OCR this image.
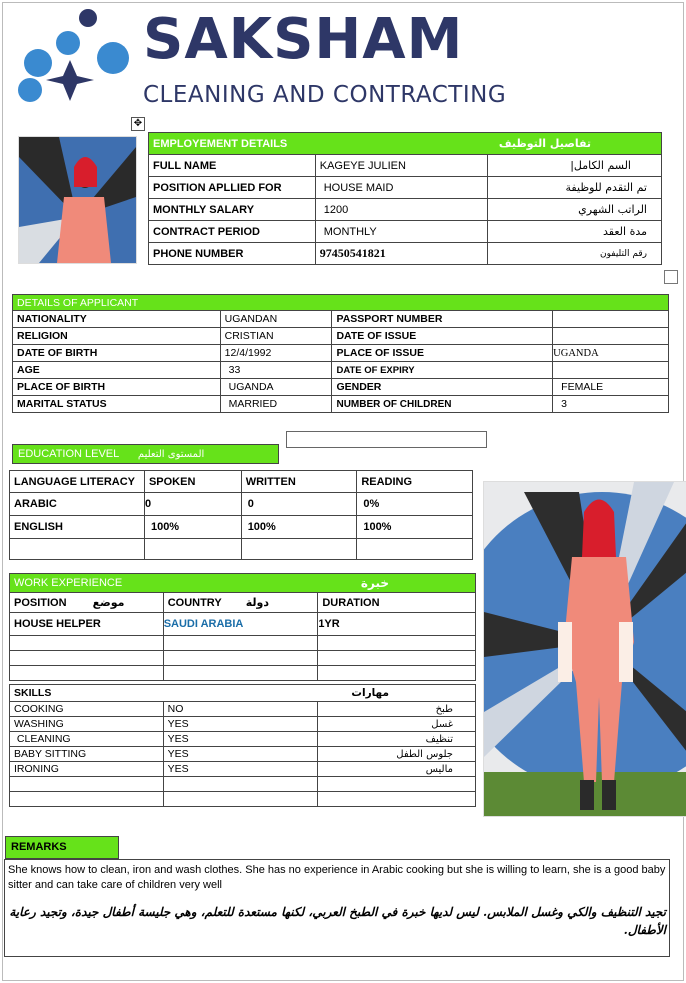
SAKSHAM
CLEANING AND CONTRACTING
✥
EMPLOYEMENT DETAILS		تفاصيل التوظيف
FULL NAME	KAGEYE JULIEN	السم الكامل|
POSITION APLLIED FOR	HOUSE MAID	تم التقدم للوظيفة
MONTHLY SALARY	1200	الراتب الشهري
CONTRACT PERIOD	MONTHLY	مدة العقد
PHONE NUMBER	97450541821	رقم التليفون
DETAILS OF APPLICANT			
NATIONALITY	UGANDAN	PASSPORT NUMBER	
RELIGION	CRISTIAN	DATE OF ISSUE	
DATE OF BIRTH	12/4/1992	PLACE OF ISSUE	UGANDA
AGE	33	DATE OF EXPIRY	
PLACE OF BIRTH	UGANDA	GENDER	FEMALE
MARITAL STATUS	MARRIED	NUMBER OF CHILDREN	3
EDUCATION LEVEL المستوى التعليم
LANGUAGE LITERACY	SPOKEN	WRITTEN	READING
ARABIC	0	0	0%
ENGLISH	100%	100%	100%

WORK EXPERIENCE		خبرة
POSITION موضع	COUNTRY دولة	DURATION
HOUSE HELPER	SAUDI ARABIA	1YR

SKILLS		مهارات
COOKING	NO	طبخ
WASHING	YES	غسل
CLEANING	YES	تنظيف
BABY SITTING	YES	جلوس الطفل
IRONING	YES	ماليس

REMARKS
She knows how to clean, iron and wash clothes. She has no experience in Arabic cooking but she is willing to learn, she is a good baby sitter and can take care of children very well
تجيد التنظيف والكي وغسل الملابس. ليس لديها خبرة في الطبخ العربي، لكنها مستعدة للتعلم، وهي جليسة أطفال جيدة، وتجيد رعاية الأطفال.
